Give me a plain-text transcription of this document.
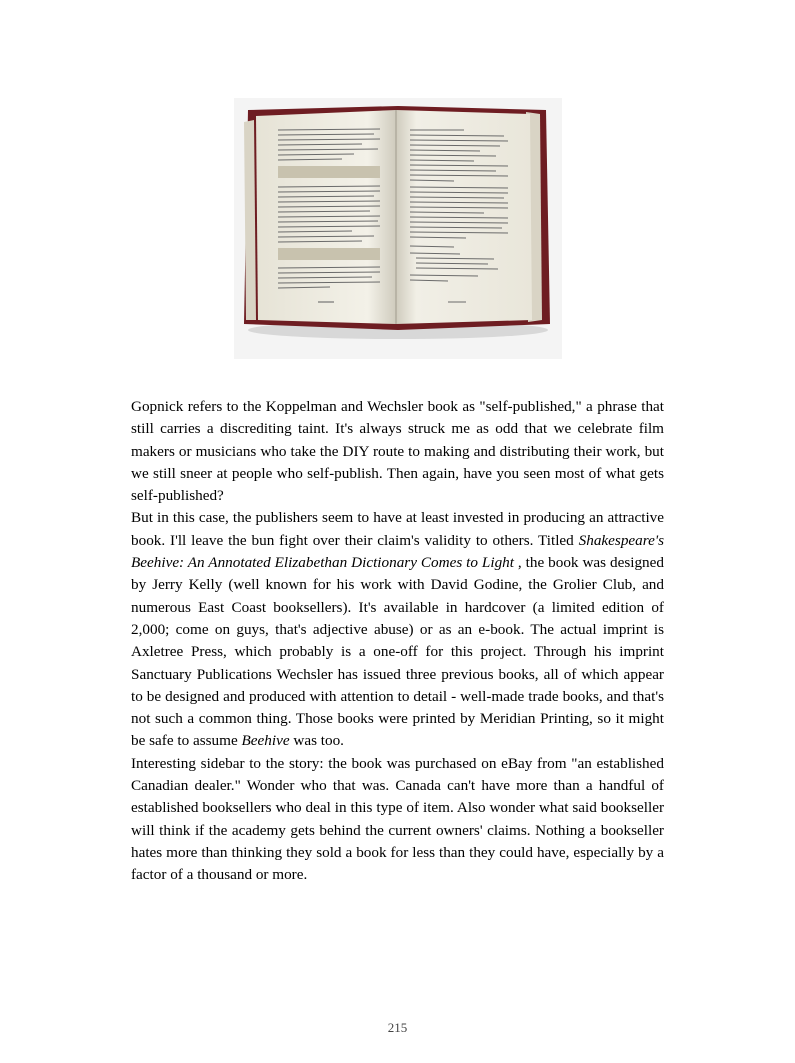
Gopnick refers to the Koppelman and Wechsler book as "self-published," a phrase that still carries a discrediting taint. It's always struck me as odd that we celebrate film makers or musicians who take the DIY route to making and distributing their work, but we still sneer at people who self-publish. Then again, have you seen most of what gets self-published?

But in this case, the publishers seem to have at least invested in producing an attractive book. I'll leave the bun fight over their claim's validity to others. Titled Shakespeare's Beehive: An Annotated Elizabethan Dictionary Comes to Light , the book was designed by Jerry Kelly (well known for his work with David Godine, the Grolier Club, and numerous East Coast booksellers). It's available in hardcover (a limited edition of 2,000; come on guys, that's adjective abuse) or as an e-book. The actual imprint is Axletree Press, which probably is a one-off for this project. Through his imprint Sanctuary Publications Wechsler has issued three previous books, all of which appear to be designed and produced with attention to detail - well-made trade books, and that's not such a common thing. Those books were printed by Meridian Printing, so it might be safe to assume Beehive was too.

Interesting sidebar to the story: the book was purchased on eBay from "an established Canadian dealer." Wonder who that was. Canada can't have more than a handful of established booksellers who deal in this type of item. Also wonder what said bookseller will think if the academy gets behind the current owners' claims. Nothing a bookseller hates more than thinking they sold a book for less than they could have, especially by a factor of a thousand or more.

215
